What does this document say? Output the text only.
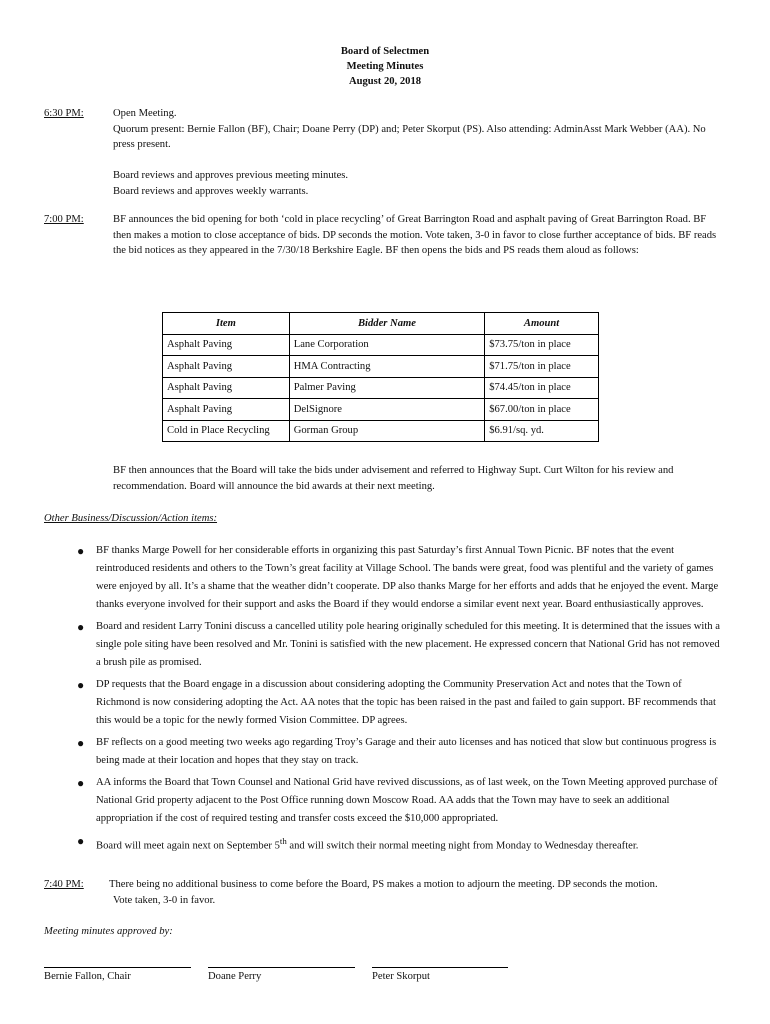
Board of Selectmen
Meeting Minutes
August 20, 2018
6:30 PM:	Open Meeting.

Quorum present: Bernie Fallon (BF), Chair; Doane Perry (DP) and; Peter Skorput (PS). Also attending: AdminAsst Mark Webber (AA). No press present.

Board reviews and approves previous meeting minutes.

Board reviews and approves weekly warrants.

7:00 PM:	BF announces the bid opening for both ‘cold in place recycling’ of Great Barrington Road and asphalt paving of Great Barrington Road. BF then makes a motion to close acceptance of bids. DP seconds the motion. Vote taken, 3-0 in favor to close further acceptance of bids. BF reads the bid notices as they appeared in the 7/30/18 Berkshire Eagle. BF then opens the bids and PS reads them aloud as follows:

Item	Bidder Name	Amount
Asphalt Paving	Lane Corporation	$73.75/ton in place
Asphalt Paving	HMA Contracting	$71.75/ton in place
Asphalt Paving	Palmer Paving	$74.45/ton in place
Asphalt Paving	DelSignore	$67.00/ton in place
Cold in Place Recycling	Gorman Group	$6.91/sq. yd.

BF then announces that the Board will take the bids under advisement and referred to Highway Supt. Curt Wilton for his review and recommendation. Board will announce the bid awards at their next meeting.

Other Business/Discussion/Action items:
● BF thanks Marge Powell for her considerable efforts in organizing this past Saturday’s first Annual Town Picnic. BF notes that the event reintroduced residents and others to the Town’s great facility at Village School. The bands were great, food was plentiful and the variety of games were enjoyed by all. It’s a shame that the weather didn’t cooperate. DP also thanks Marge for her efforts and adds that he enjoyed the event. Marge thanks everyone involved for their support and asks the Board if they would endorse a similar event next year. Board enthusiastically approves.
● Board and resident Larry Tonini discuss a cancelled utility pole hearing originally scheduled for this meeting. It is determined that the issues with a single pole siting have been resolved and Mr. Tonini is satisfied with the new placement. He expressed concern that National Grid has not removed a brush pile as promised.
● DP requests that the Board engage in a discussion about considering adopting the Community Preservation Act and notes that the Town of Richmond is now considering adopting the Act. AA notes that the topic has been raised in the past and failed to gain support. BF recommends that this would be a topic for the newly formed Vision Committee. DP agrees.
● BF reflects on a good meeting two weeks ago regarding Troy’s Garage and their auto licenses and has noticed that slow but continuous progress is being made at their location and hopes that they stay on track.
● AA informs the Board that Town Counsel and National Grid have revived discussions, as of last week, on the Town Meeting approved purchase of National Grid property adjacent to the Post Office running down Moscow Road. AA adds that the Town may have to seek an additional appropriation if the cost of required testing and transfer costs exceed the $10,000 appropriated.
● Board will meet again next on September 5th and will switch their normal meeting night from Monday to Wednesday thereafter.
7:40 PM: There being no additional business to come before the Board, PS makes a motion to adjourn the meeting. DP seconds the motion.
Vote taken, 3-0 in favor.
Meeting minutes approved by:
Bernie Fallon, Chair	Doane Perry	Peter Skorput
